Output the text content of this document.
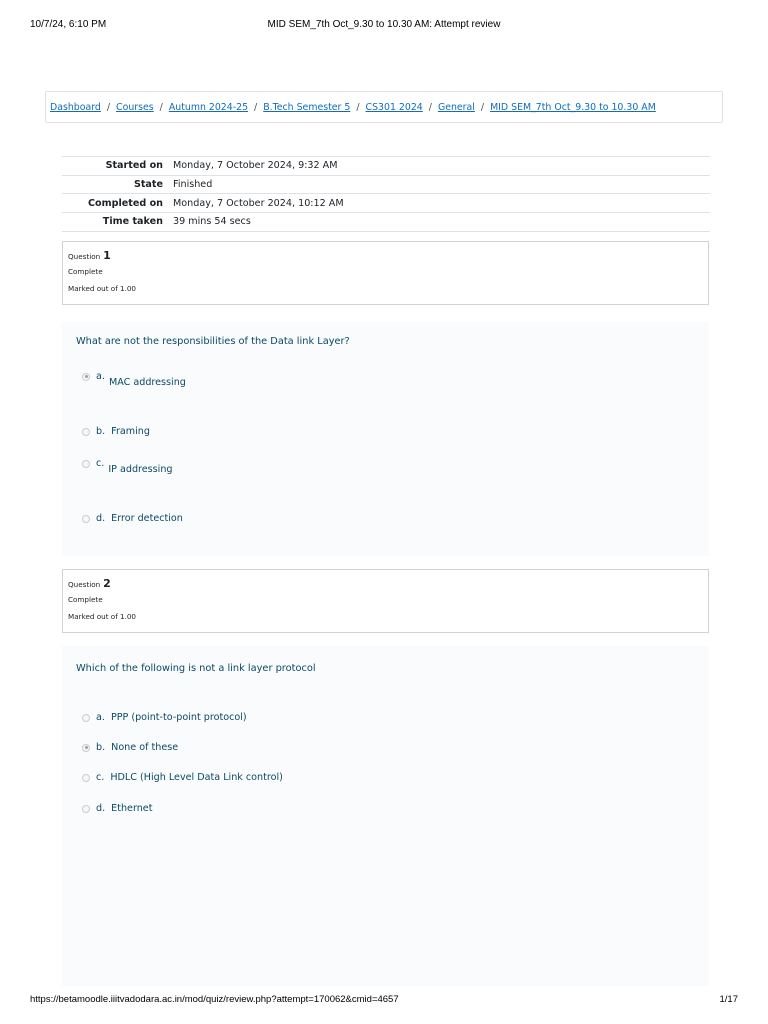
10/7/24, 6:10 PM	MID SEM_7th Oct_9.30 to 10.30 AM: Attempt review
Dashboard / Courses / Autumn 2024-25 / B.Tech Semester 5 / CS301 2024 / General / MID SEM_7th Oct_9.30 to 10.30 AM
Started on	Monday, 7 October 2024, 9:32 AM
State	Finished
Completed on	Monday, 7 October 2024, 10:12 AM
Time taken	39 mins 54 secs
Question 1
Complete
Marked out of 1.00
What are not the responsibilities of the Data link Layer?
a.
MAC addressing
b. Framing
c.
IP addressing
d. Error detection
Question 2
Complete
Marked out of 1.00
Which of the following is not a link layer protocol
a. PPP (point-to-point protocol)
b. None of these
c. HDLC (High Level Data Link control)
d. Ethernet
https://betamoodle.iiitvadodara.ac.in/mod/quiz/review.php?attempt=170062&cmid=4657	1/17
